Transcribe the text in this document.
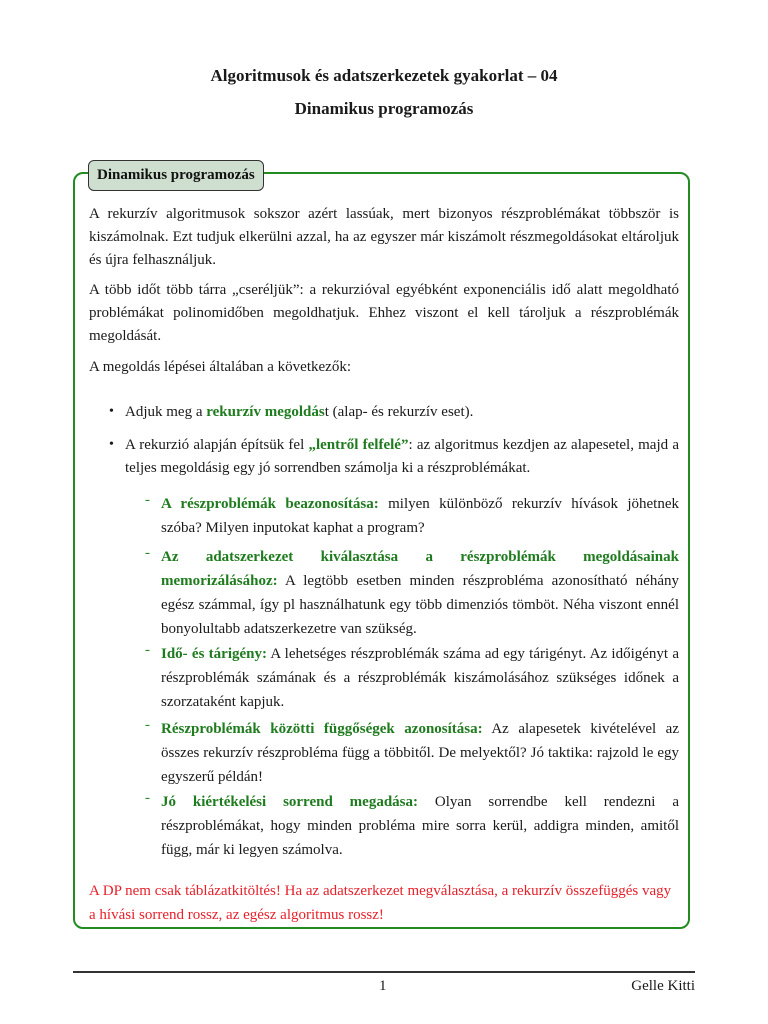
Algoritmusok és adatszerkezetek gyakorlat – 04
Dinamikus programozás
Dinamikus programozás
A rekurzív algoritmusok sokszor azért lassúak, mert bizonyos részproblémákat többször is kiszámolnak. Ezt tudjuk elkerülni azzal, ha az egyszer már kiszámolt részmegoldásokat eltároljuk és újra felhasználjuk.
A több időt több tárra „cseréljük”: a rekurzióval egyébként exponenciális idő alatt megoldható problémákat polinomidőben megoldhatjuk. Ehhez viszont el kell tároljuk a részproblémák megoldását.
A megoldás lépései általában a következők:
• Adjuk meg a rekurzív megoldást (alap- és rekurzív eset).
• A rekurzió alapján építsük fel „lentről felfelé”: az algoritmus kezdjen az alapesetel, majd a teljes megoldásig egy jó sorrendben számolja ki a részproblémákat.
- A részproblémák beazonosítása: milyen különböző rekurzív hívások jöhetnek szóba? Milyen inputokat kaphat a program?
- Az adatszerkezet kiválasztása a részproblémák megoldásainak memorizálásához: A legtöbb esetben minden részprobléma azonosítható néhány egész számmal, így pl használhatunk egy több dimenziós tömböt. Néha viszont ennél bonyolultabb adatszerkezetre van szükség.
- Idő- és tárigény: A lehetséges részproblémák száma ad egy tárigényt. Az időigényt a részproblémák számának és a részproblémák kiszámolásához szükséges időnek a szorzataként kapjuk.
- Részproblémák közötti függőségek azonosítása: Az alapesetek kivételével az összes rekurzív részprobléma függ a többitől. De melyektől? Jó taktika: rajzold le egy egyszerű példán!
- Jó kiértékelési sorrend megadása: Olyan sorrendbe kell rendezni a részproblémákat, hogy minden probléma mire sorra kerül, addigra minden, amitől függ, már ki legyen számolva.
A DP nem csak táblázatkitöltés! Ha az adatszerkezet megválasztása, a rekurzív összefüggés vagy a hívási sorrend rossz, az egész algoritmus rossz!
1	Gelle Kitti
